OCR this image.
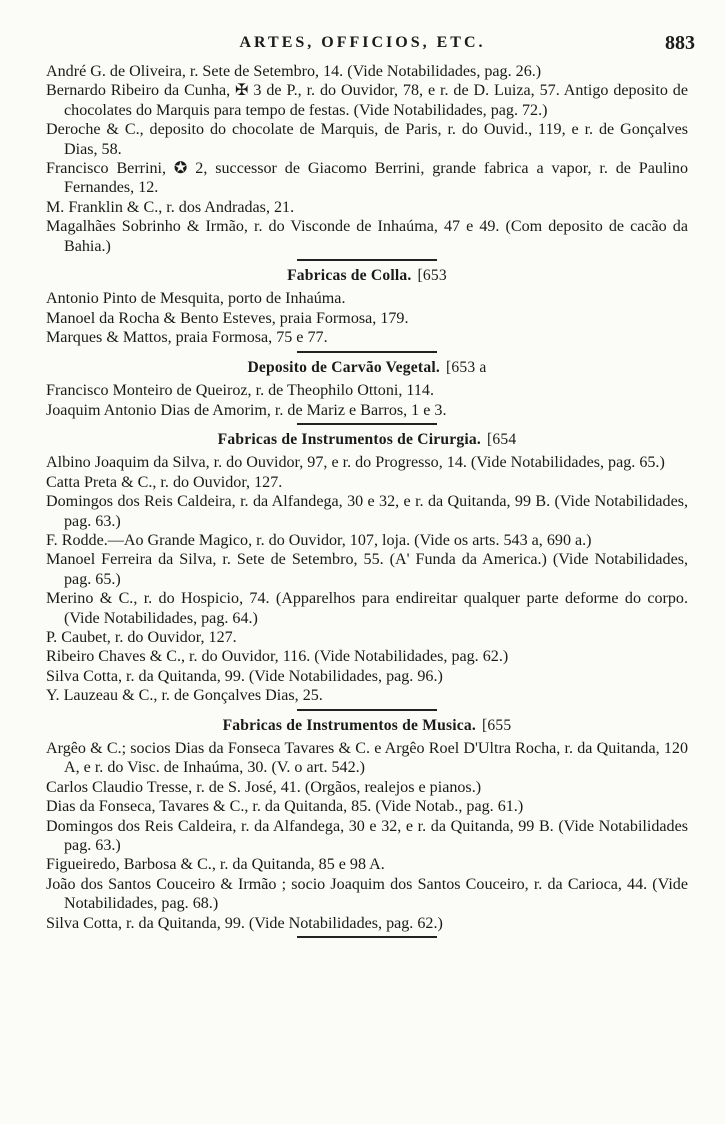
ARTES, OFFICIOS, ETC.	883
André G. de Oliveira, r. Sete de Setembro, 14. (Vide Notabilidades, pag. 26.)
Bernardo Ribeiro da Cunha, ✠ 3 de P., r. do Ouvidor, 78, e r. de D. Luiza, 57. Antigo deposito de chocolates do Marquis para tempo de festas. (Vide Notabilidades, pag. 72.)
Deroche & C., deposito do chocolate de Marquis, de Paris, r. do Ouvid., 119, e r. de Gonçalves Dias, 58.
Francisco Berrini, ✪ 2, successor de Giacomo Berrini, grande fabrica a vapor, r. de Paulino Fernandes, 12.
M. Franklin & C., r. dos Andradas, 21.
Magalhães Sobrinho & Irmão, r. do Visconde de Inhaúma, 47 e 49. (Com deposito de cacão da Bahia.)
Fabricas de Colla. [653
Antonio Pinto de Mesquita, porto de Inhaúma.
Manoel da Rocha & Bento Esteves, praia Formosa, 179.
Marques & Mattos, praia Formosa, 75 e 77.
Deposito de Carvão Vegetal. [653 a
Francisco Monteiro de Queiroz, r. de Theophilo Ottoni, 114.
Joaquim Antonio Dias de Amorim, r. de Mariz e Barros, 1 e 3.
Fabricas de Instrumentos de Cirurgia. [654
Albino Joaquim da Silva, r. do Ouvidor, 97, e r. do Progresso, 14. (Vide Notabilidades, pag. 65.)
Catta Preta & C., r. do Ouvidor, 127.
Domingos dos Reis Caldeira, r. da Alfandega, 30 e 32, e r. da Quitanda, 99 B. (Vide Notabilidades, pag. 63.)
F. Rodde.—Ao Grande Magico, r. do Ouvidor, 107, loja. (Vide os arts. 543 a, 690 a.)
Manoel Ferreira da Silva, r. Sete de Setembro, 55. (A' Funda da America.) (Vide Notabilidades, pag. 65.)
Merino & C., r. do Hospicio, 74. (Apparelhos para endireitar qualquer parte deforme do corpo. (Vide Notabilidades, pag. 64.)
P. Caubet, r. do Ouvidor, 127.
Ribeiro Chaves & C., r. do Ouvidor, 116. (Vide Notabilidades, pag. 62.)
Silva Cotta, r. da Quitanda, 99. (Vide Notabilidades, pag. 96.)
Y. Lauzeau & C., r. de Gonçalves Dias, 25.
Fabricas de Instrumentos de Musica. [655
Argêo & C.; socios Dias da Fonseca Tavares & C. e Argêo Roel D'Ultra Rocha, r. da Quitanda, 120 A, e r. do Visc. de Inhaúma, 30. (V. o art. 542.)
Carlos Claudio Tresse, r. de S. José, 41. (Orgãos, realejos e pianos.)
Dias da Fonseca, Tavares & C., r. da Quitanda, 85. (Vide Notab., pag. 61.)
Domingos dos Reis Caldeira, r. da Alfandega, 30 e 32, e r. da Quitanda, 99 B. (Vide Notabilidades pag. 63.)
Figueiredo, Barbosa & C., r. da Quitanda, 85 e 98 A.
João dos Santos Couceiro & Irmão ; socio Joaquim dos Santos Couceiro, r. da Carioca, 44. (Vide Notabilidades, pag. 68.)
Silva Cotta, r. da Quitanda, 99. (Vide Notabilidades, pag. 62.)
